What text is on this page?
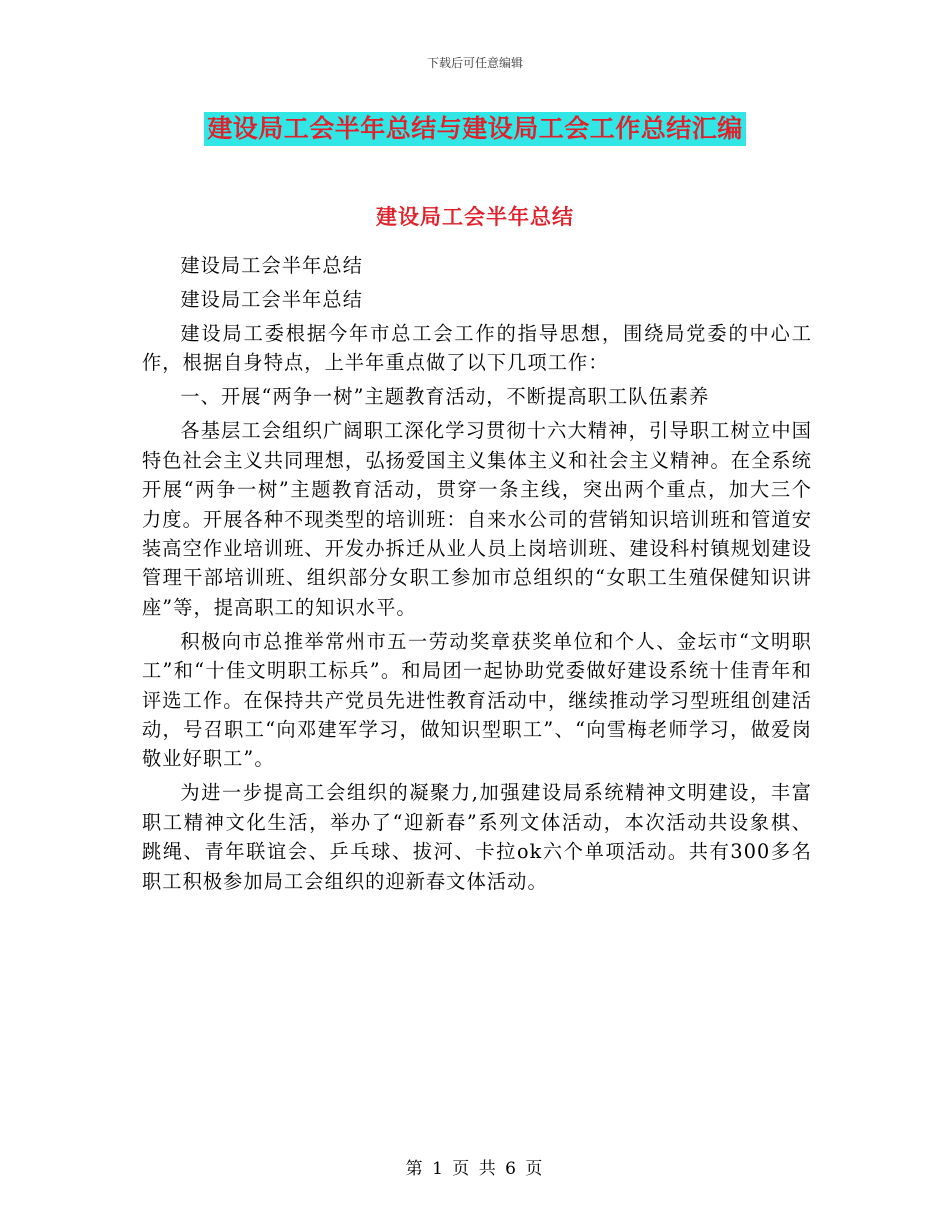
下载后可任意编辑
建设局工会半年总结与建设局工会工作总结汇编
建设局工会半年总结

建设局工会半年总结

建设局工会半年总结

建设局工委根据今年市总工会工作的指导思想，围绕局党委的中心工作，根据自身特点，上半年重点做了以下几项工作：

一、开展“两争一树”主题教育活动，不断提高职工队伍素养

各基层工会组织广阔职工深化学习贯彻十六大精神，引导职工树立中国特色社会主义共同理想，弘扬爱国主义集体主义和社会主义精神。在全系统开展“两争一树”主题教育活动，贯穿一条主线，突出两个重点，加大三个力度。开展各种不现类型的培训班：自来水公司的营销知识培训班和管道安装高空作业培训班、开发办拆迁从业人员上岗培训班、建设科村镇规划建设管理干部培训班、组织部分女职工参加市总组织的“女职工生殖保健知识讲座”等，提高职工的知识水平。

积极向市总推举常州市五一劳动奖章获奖单位和个人、金坛市“文明职工”和“十佳文明职工标兵”。和局团一起协助党委做好建设系统十佳青年和评选工作。在保持共产党员先进性教育活动中，继续推动学习型班组创建活动，号召职工“向邓建军学习，做知识型职工”、“向雪梅老师学习，做爱岗敬业好职工”。

为进一步提高工会组织的凝聚力,加强建设局系统精神文明建设，丰富职工精神文化生活，举办了“迎新春”系列文体活动，本次活动共设象棋、跳绳、青年联谊会、乒乓球、拔河、卡拉ok六个单项活动。共有300多名职工积极参加局工会组织的迎新春文体活动。

第 1 页 共 6 页
